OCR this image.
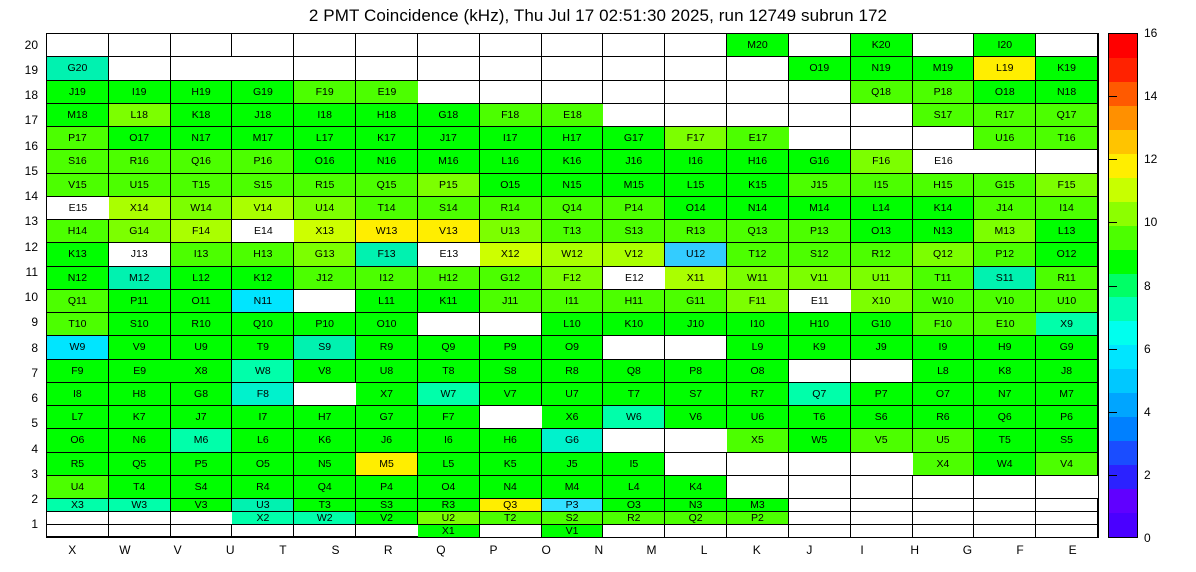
2 PMT Coincidence (kHz), Thu Jul 17 02:51:30 2025, run 12749 subrun 172
M20	K20	I20
G20	O19	N19	M19	L19	K19
J19	I19	H19	G19	F19	E19	Q18	P18	O18	N18
M18	L18	K18	J18	I18	H18	G18	F18	E18	S17	R17	Q17
P17	O17	N17	M17	L17	K17	J17	I17	H17	G17	F17	E17	U16	T16
S16	R16	Q16	P16	O16	N16	M16	L16	K16	J16	I16	H16	G16	F16	E16
V15	U15	T15	S15	R15	Q15	P15	O15	N15	M15	L15	K15	J15	I15	H15	G15	F15
E15	X14	W14	V14	U14	T14	S14	R14	Q14	P14	O14	N14	M14	L14	K14	J14	I14
H14	G14	F14	E14	X13	W13	V13	U13	T13	S13	R13	Q13	P13	O13	N13	M13	L13
K13	J13	I13	H13	G13	F13	E13	X12	W12	V12	U12	T12	S12	R12	Q12	P12	O12
N12	M12	L12	K12	J12	I12	H12	G12	F12	E12	X11	W11	V11	U11	T11	S11	R11
Q11	P11	O11	N11	L11	K11	J11	I11	H11	G11	F11	E11	X10	W10	V10	U10
T10	S10	R10	Q10	P10	O10	L10	K10	J10	I10	H10	G10	F10	E10	X9
W9	V9	U9	T9	S9	R9	Q9	P9	O9	L9	K9	J9	I9	H9	G9
F9	E9	X8	W8	V8	U8	T8	S8	R8	Q8	P8	O8	L8	K8	J8
I8	H8	G8	F8	X7	W7	V7	U7	T7	S7	R7	Q7	P7	O7	N7	M7
L7	K7	J7	I7	H7	G7	F7	X6	W6	V6	U6	T6	S6	R6	Q6	P6
O6	N6	M6	L6	K6	J6	I6	H6	G6	X5	W5	V5	U5	T5	S5
R5	Q5	P5	O5	N5	M5	L5	K5	J5	I5	X4	W4	V4
U4	T4	S4	R4	Q4	P4	O4	N4	M4	L4	K4
X3	W3	V3	U3	T3	S3	R3	Q3	P3	O3	N3	M3
X2	W2	V2	U2	T2	S2	R2	Q2	P2
X1	V1
20
19
18
17
16
15
14
13
12
11
10
9
8
7
6
5
4
3
2
1
X	W	V	U	T	S	R	Q	P	O	N	M	L	K	J	I	H	G	F	E
0
2
4
6
8
10
12
14
16
